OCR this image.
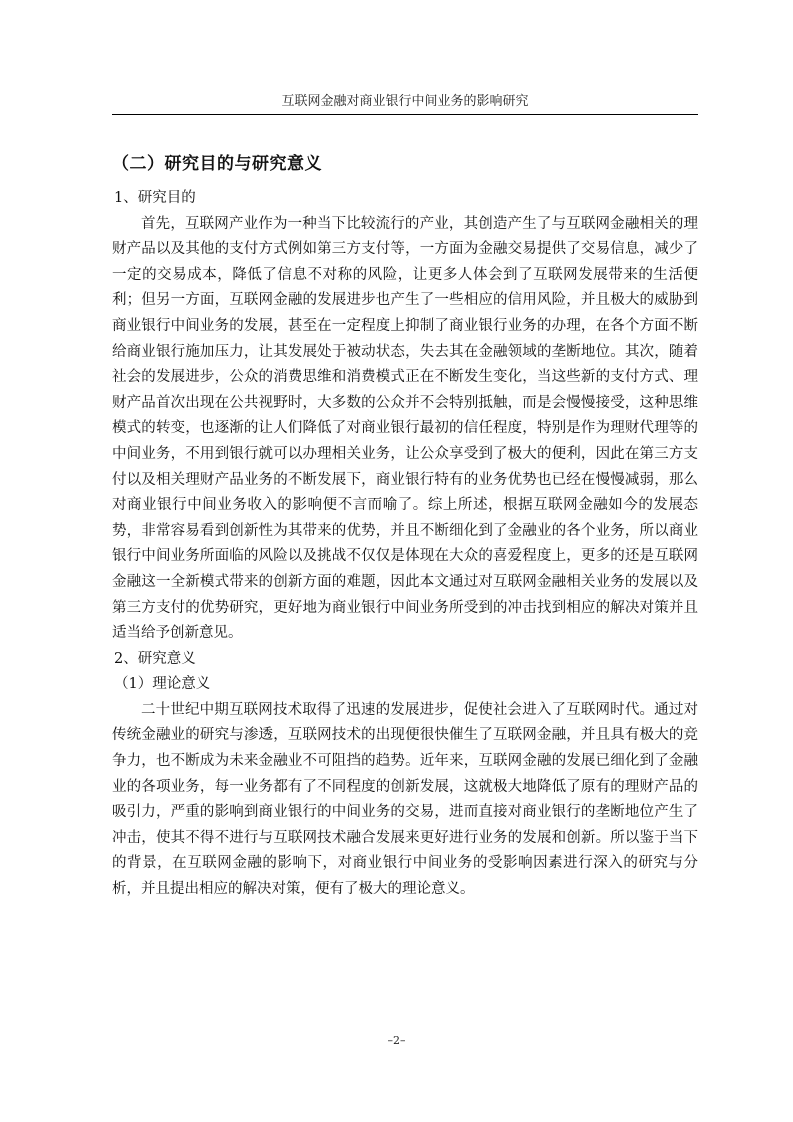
互联网金融对商业银行中间业务的影响研究
（二）研究目的与研究意义

1、研究目的

首先，互联网产业作为一种当下比较流行的产业，其创造产生了与互联网金融相关的理财产品以及其他的支付方式例如第三方支付等，一方面为金融交易提供了交易信息，减少了一定的交易成本，降低了信息不对称的风险，让更多人体会到了互联网发展带来的生活便利；但另一方面，互联网金融的发展进步也产生了一些相应的信用风险，并且极大的威胁到商业银行中间业务的发展，甚至在一定程度上抑制了商业银行业务的办理，在各个方面不断给商业银行施加压力，让其发展处于被动状态，失去其在金融领域的垄断地位。其次，随着社会的发展进步，公众的消费思维和消费模式正在不断发生变化，当这些新的支付方式、理财产品首次出现在公共视野时，大多数的公众并不会特别抵触，而是会慢慢接受，这种思维模式的转变，也逐渐的让人们降低了对商业银行最初的信任程度，特别是作为理财代理等的中间业务，不用到银行就可以办理相关业务，让公众享受到了极大的便利，因此在第三方支付以及相关理财产品业务的不断发展下，商业银行特有的业务优势也已经在慢慢减弱，那么对商业银行中间业务收入的影响便不言而喻了。综上所述，根据互联网金融如今的发展态势，非常容易看到创新性为其带来的优势，并且不断细化到了金融业的各个业务，所以商业银行中间业务所面临的风险以及挑战不仅仅是体现在大众的喜爱程度上，更多的还是互联网金融这一全新模式带来的创新方面的难题，因此本文通过对互联网金融相关业务的发展以及第三方支付的优势研究，更好地为商业银行中间业务所受到的冲击找到相应的解决对策并且适当给予创新意见。

2、研究意义

（1）理论意义

二十世纪中期互联网技术取得了迅速的发展进步，促使社会进入了互联网时代。通过对传统金融业的研究与渗透，互联网技术的出现便很快催生了互联网金融，并且具有极大的竞争力，也不断成为未来金融业不可阻挡的趋势。近年来，互联网金融的发展已细化到了金融业的各项业务，每一业务都有了不同程度的创新发展，这就极大地降低了原有的理财产品的吸引力，严重的影响到商业银行的中间业务的交易，进而直接对商业银行的垄断地位产生了冲击，使其不得不进行与互联网技术融合发展来更好进行业务的发展和创新。所以鉴于当下的背景，在互联网金融的影响下，对商业银行中间业务的受影响因素进行深入的研究与分析，并且提出相应的解决对策，便有了极大的理论意义。

–2–
